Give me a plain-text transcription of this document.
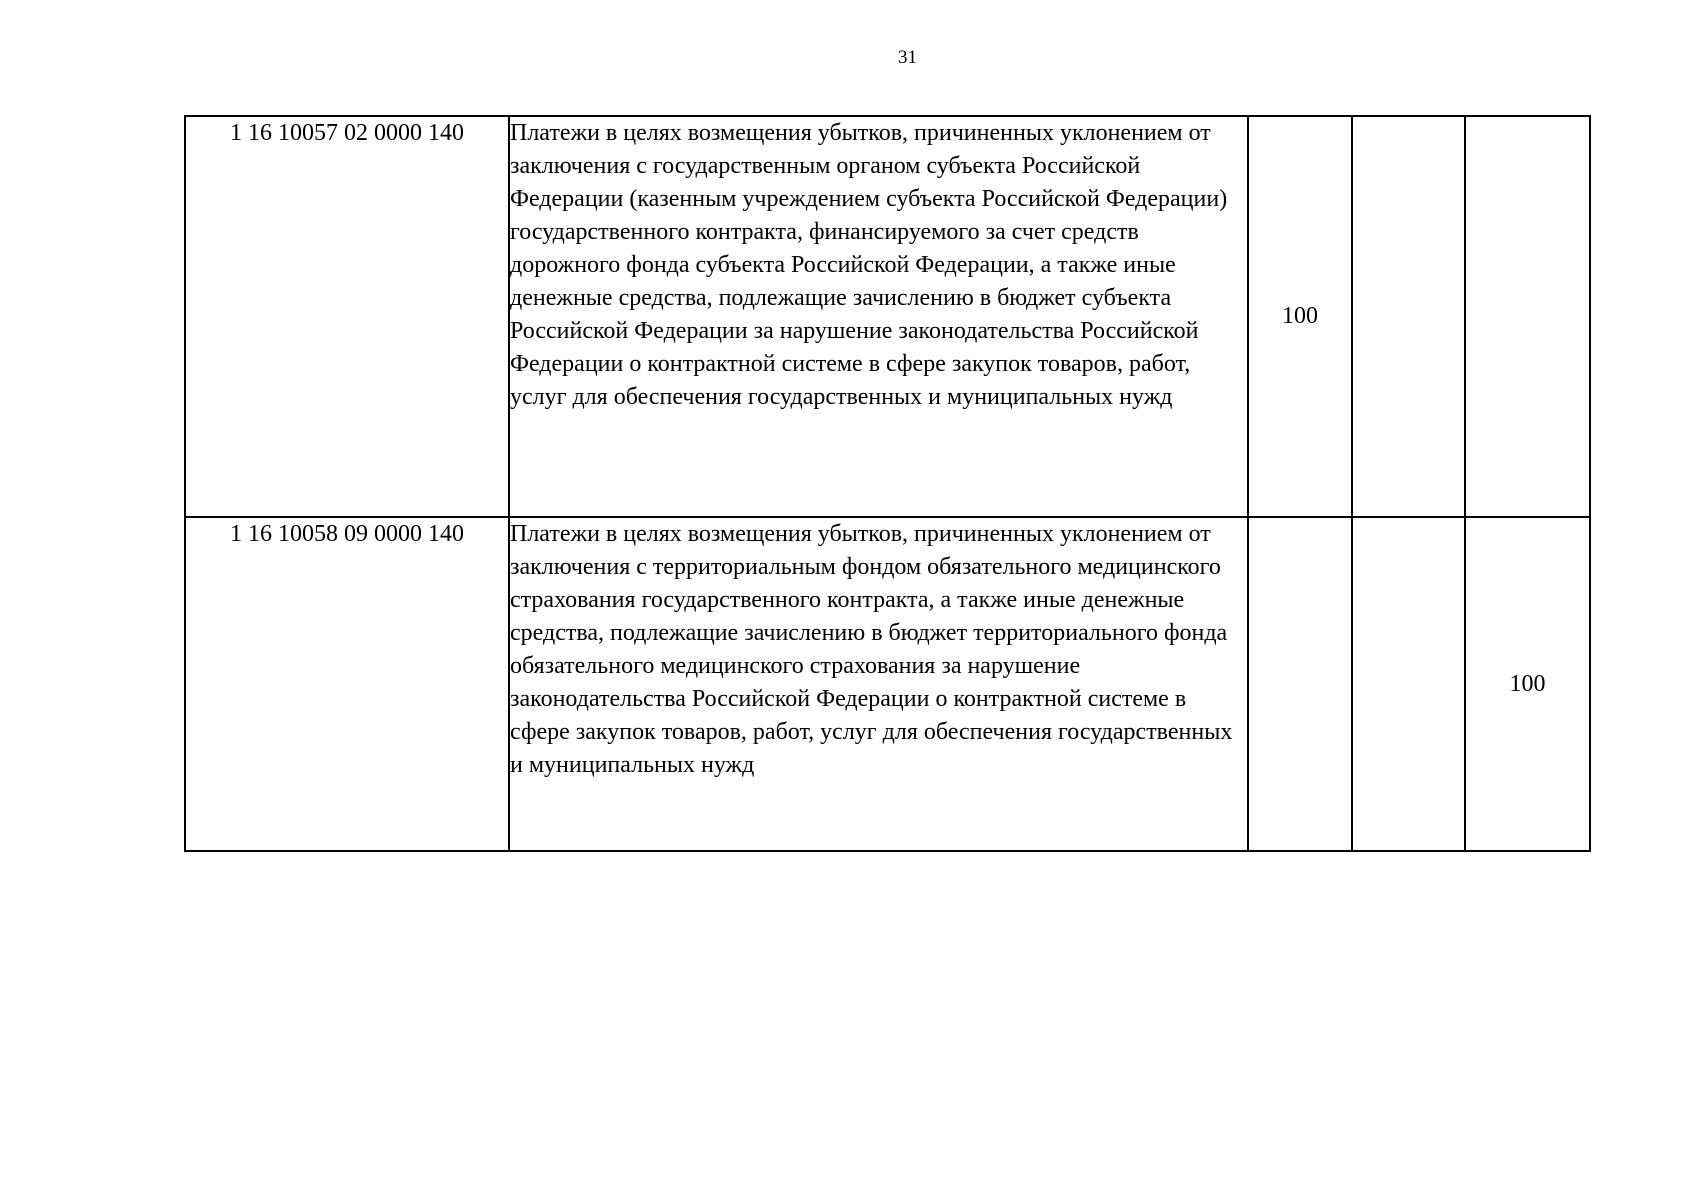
31
1 16 10057 02 0000 140	Платежи в целях возмещения убытков, причиненных уклонением от заключения с государственным органом субъекта Российской Федерации (казенным учреждением субъекта Российской Федерации) государственного контракта, финансируемого за счет средств дорожного фонда субъекта Российской Федерации, а также иные денежные средства, подлежащие зачислению в бюджет субъекта Российской Федерации за нарушение законодательства Российской Федерации о контрактной системе в сфере закупок товаров, работ, услуг для обеспечения государственных и муниципальных нужд	100		
1 16 10058 09 0000 140	Платежи в целях возмещения убытков, причиненных уклонением от заключения с территориальным фондом обязательного медицинского страхования государственного контракта, а также иные денежные средства, подлежащие зачислению в бюджет территориального фонда обязательного медицинского страхования за нарушение законодательства Российской Федерации о контрактной системе в сфере закупок товаров, работ, услуг для обеспечения государственных и муниципальных нужд			100
